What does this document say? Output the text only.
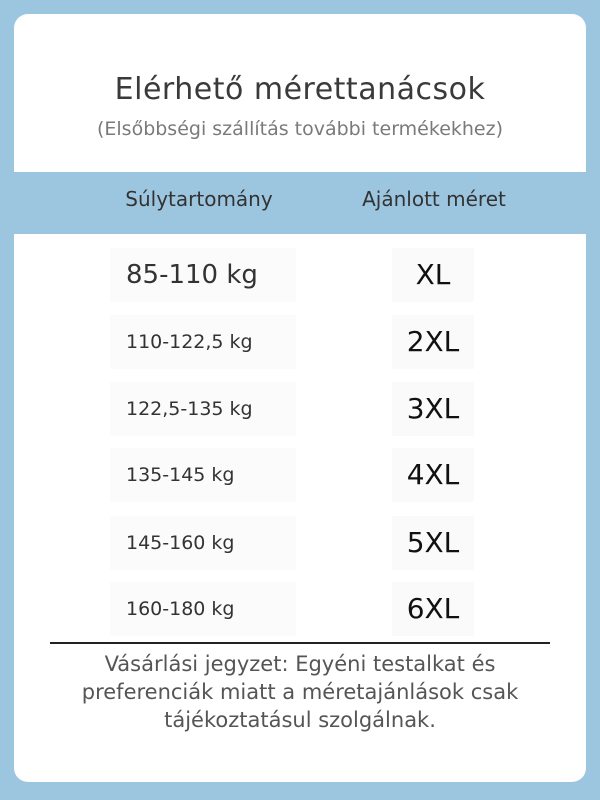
Elérhető mérettanácsok
(Elsőbbségi szállítás további termékekhez)
Súlytartomány	Ajánlott méret
85-110 kg	XL
110-122,5 kg	2XL
122,5-135 kg	3XL
135-145 kg	4XL
145-160 kg	5XL
160-180 kg	6XL
Vásárlási jegyzet: Egyéni testalkat és preferenciák miatt a méretajánlások csak tájékoztatásul szolgálnak.
